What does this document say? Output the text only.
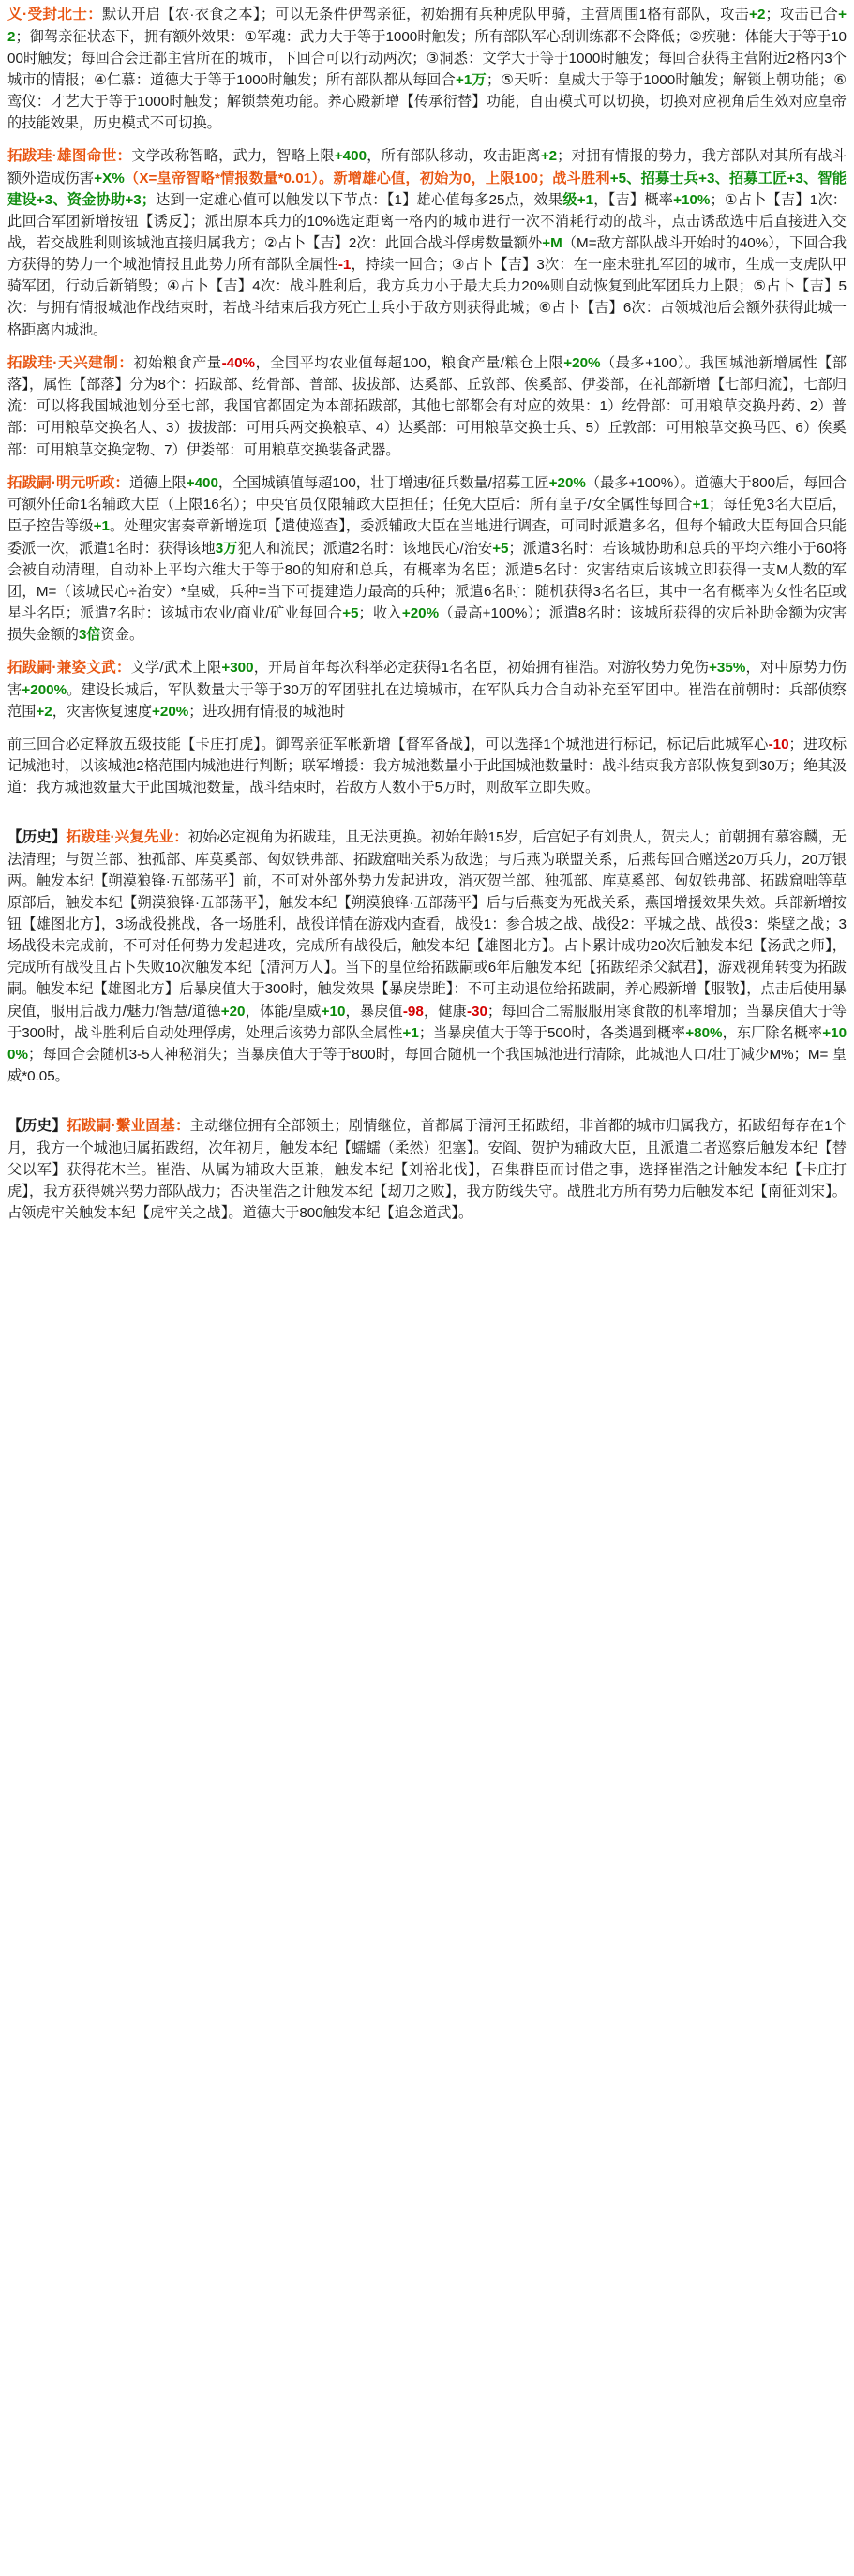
义·受封北士：默认开启【农·衣食之本】；可以无条件伊驾亲征，初始拥有兵种虎队甲骑，主营周围1格有部队，攻击+2；攻击已合+2；御驾亲征状态下，拥有额外效果：①军魂：武力大于等于1000时触发；所有部队军心刮训练都不会降低；②疾驰：体能大于等于1000时触发；每回合会迁都主营所在的城市，下回合可以行动两次；③洞悉：文学大于等于1000时触发；每回合获得主营附近2格内3个城市的情报；④仁慕：道德大于等于1000时触发；所有部队都从每回合+1万；⑤天听：皇威大于等于1000时触发；解锁上朝功能；⑥鸾仪：才艺大于等于1000时触发；解锁禁苑功能。养心殿新增【传承衍替】功能，自由模式可以切换，切换对应视角后生效对应皇帝的技能效果，历史模式不可切换。
拓跋珪·雄图命世：文学改称智略，武力，智略上限+400，所有部队移动，攻击距离+2；对拥有情报的势力，我方部队对其所有战斗额外造成伤害+X%（X=皇帝智略*情报数量*0.01）。新增雄心值，初始为0，上限100；战斗胜利+5、招募士兵+3、招募工匠+3、智能建设+3、资金协助+3；达到一定雄心值可以触发以下节点：【1】雄心值每多25点，效果级+1，【吉】概率+10%；①占卜【吉】1次：此回合军团新增按钮【诱反】；派出原本兵力的10%选定距离一格内的城市进行一次不消耗行动的战斗，点击诱敌选中后直接进入交战，若交战胜利则该城池直接归属我方；②占卜【吉】2次：此回合战斗俘虏数量额外+M（M=敌方部队战斗开始时的40%），下回合我方获得的势力一个城池情报且此势力所有部队全属性-1，持续一回合；③占卜【吉】3次：在一座未驻扎军团的城市，生成一支虎队甲骑军团，行动后新销毁；④占卜【吉】4次：战斗胜利后，我方兵力小于最大兵力20%则自动恢复到此军团兵力上限；⑤占卜【吉】5次：与拥有情报城池作战结束时，若战斗结束后我方死亡士兵小于敌方则获得此城；⑥占卜【吉】6次：占领城池后会额外获得此城一格距离内城池。
拓跋珪·天兴建制：初始粮食产量-40%，全国平均农业值每超100，粮食产量/粮仓上限+20%（最多+100）。我国城池新增属性【部落】，属性【部落】分为8个：拓跋部、纥骨部、普部、拔拔部、达奚部、丘敦部、俟奚部、伊娄部，在礼部新增【七部归流】，七部归流：可以将我国城池划分至七部，我国官都固定为本部拓跋部，其他七部都会有对应的效果：1）纥骨部：可用粮草交换丹药、2）普部：可用粮草交换名人、3）拔拔部：可用兵两交换粮草、4）达奚部：可用粮草交换士兵、5）丘敦部：可用粮草交换马匹、6）俟奚部：可用粮草交换宠物、7）伊娄部：可用粮草交换装备武器。
拓跋嗣·明元听政：道德上限+400，全国城镇值每超100，壮丁增速/征兵数量/招募工匠+20%（最多+100%）。道德大于800后，每回合可额外任命1名辅政大臣（上限16名）；中央官员仅限辅政大臣担任；任免大臣后：所有皇子/女全属性每回合+1；每任免3名大臣后，臣子控告等级+1。处理灾害奏章新增选项【遣使巡查】，委派辅政大臣在当地进行调查，可同时派遣多名，但每个辅政大臣每回合只能委派一次，派遣1名时：获得该地3万犯人和流民；派遣2名时：该地民心/治安+5；派遣3名时：若该城协助和总兵的平均六维小于60将会被自动清理，自动补上平均六维大于等于80的知府和总兵，有概率为名臣；派遣5名时：灾害结束后该城立即获得一支M人数的军团，M=（该城民心÷治安）*皇威，兵种=当下可提建造力最高的兵种；派遣6名时：随机获得3名名臣，其中一名有概率为女性名臣或星斗名臣；派遣7名时：该城市农业/商业/矿业每回合+5；收入+20%（最高+100%）；派遣8名时：该城所获得的灾后补助金额为灾害损失金额的3倍资金。
拓跋嗣·兼姿文武：文学/武术上限+300，开局首年每次科举必定获得1名名臣，初始拥有崔浩。对游牧势力免伤+35%，对中原势力伤害+200%。建设长城后，军队数量大于等于30万的军团驻扎在边境城市，在军队兵力合自动补充至军团中。崔浩在前朝时：兵部侦察范围+2，灾害恢复速度+20%；进攻拥有情报的城池时
前三回合必定释放五级技能【卡庄打虎】。御驾亲征军帐新增【督军备战】，可以选择1个城池进行标记，标记后此城军心-10；进攻标记城池时，以该城池2格范围内城池进行判断；联军增援：我方城池数量小于此国城池数量时：战斗结束我方部队恢复到30万；绝其汲道：我方城池数量大于此国城池数量，战斗结束时，若敌方人数小于5万时，则敌军立即失败。
【历史】拓跋珪·兴复先业：初始必定视角为拓跋珪，且无法更换。初始年龄15岁，后宫妃子有刘贵人，贺夫人；前朝拥有慕容麟，无法清理；与贺兰部、独孤部、库莫奚部、匈奴铁弗部、拓跋窟咄关系为敌选；与后燕为联盟关系，后燕每回合赠送20万兵力，20万银两。触发本纪【朔漠狼锋·五部荡平】前，不可对外部外势力发起进攻，消灭贺兰部、独孤部、库莫奚部、匈奴铁弗部、拓跋窟咄等草原部后，触发本纪【朔漠狼锋·五部荡平】，触发本纪【朔漠狼锋·五部荡平】后与后燕变为死战关系，燕国增援效果失效。兵部新增按钮【雄图北方】，3场战役挑战，各一场胜利，战役详情在游戏内查看，战役1：参合坡之战、战役2：平城之战、战役3：柴壁之战；3场战役未完成前，不可对任何势力发起进攻，完成所有战役后，触发本纪【雄图北方】。占卜累计成功20次后触发本纪【汤武之师】，完成所有战役且占卜失败10次触发本纪【清河万人】。当下的皇位给拓跋嗣或6年后触发本纪【拓跋绍杀父弑君】，游戏视角转变为拓跋嗣。触发本纪【雄图北方】后暴戾值大于300时，触发效果【暴戾崇雎】：不可主动退位给拓跋嗣，养心殿新增【服散】，点击后使用暴戾值，服用后战力/魅力/智慧/道德+20，体能/皇威+10，暴戾值-98，健康-30；每回合二需服服用寒食散的机率增加；当暴戾值大于等于300时，战斗胜利后自动处理俘虏，处理后该势力部队全属性+1；当暴戾值大于等于500时，各类遇到概率+80%，东厂除名概率+100%；每回合会随机3-5人神秘消失；当暴戾值大于等于800时，每回合随机一个我国城池进行清除，此城池人口/壮丁减少M%；M= 皇威*0.05。
【历史】拓跋嗣·繫业固基：主动继位拥有全部领土；剧情继位，首都属于清河王拓跋绍，非首都的城市归属我方，拓跋绍每存在1个月，我方一个城池归属拓跋绍，次年初月，触发本纪【蠕蠕（柔然）犯塞】。安阎、贺护为辅政大臣，且派遣二者巡察后触发本纪【替父以军】获得花木兰。崔浩、从属为辅政大臣兼，触发本纪【刘裕北伐】，召集群臣而讨借之事，选择崔浩之计触发本纪【卡庄打虎】，我方获得姚兴势力部队战力；否决崔浩之计触发本纪【刼刀之败】，我方防线失守。战胜北方所有势力后触发本纪【南征刘宋】。占领虎牢关触发本纪【虎牢关之战】。道德大于800触发本纪【追念道武】。
